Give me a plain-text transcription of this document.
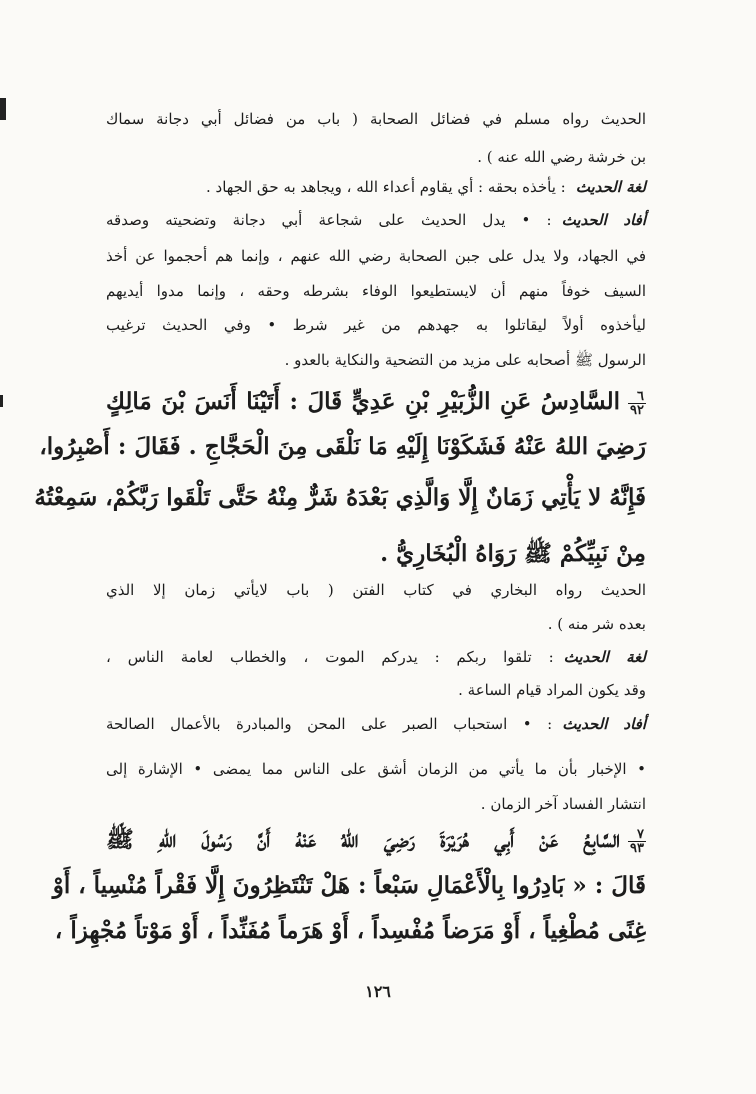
الحديث رواه مسلم في فضائل الصحابة ( باب من فضائل أبي دجانة سماك
بن خرشة رضي الله عنه ) .
لغة الحديث: يأخذه بحقه : أي يقاوم أعداء الله ، ويجاهد به حق الجهاد .
أفاد الحديث: • يدل الحديث على شجاعة أبي دجانة وتضحيته وصدقه
في الجهاد، ولا يدل على جبن الصحابة رضي الله عنهم ، وإنما هم أحجموا عن أخذ
السيف خوفاً منهم أن لايستطيعوا الوفاء بشرطه وحقه ، وإنما مدوا أيديهم
ليأخذوه أولاً ليقاتلوا به جهدهم من غير شرط • وفي الحديث ترغيب
الرسول ﷺ أصحابه على مزيد من التضحية والنكاية بالعدو .
$\frac{٦}{٩٢}$
السَّادِسُ عَنِ الزُّبَيْرِ بْنِ عَدِيٍّ قَالَ : أَتَيْنَا أَنَسَ بْنَ مَالِكٍ
رَضِيَ اللهُ عَنْهُ فَشَكَوْنَا إِلَيْهِ مَا نَلْقَى مِنَ الْحَجَّاجِ . فَقَالَ : أَصْبِرُوا،
فَإِنَّهُ لا يَأْتِي زَمَانٌ إِلَّا وَالَّذِي بَعْدَهُ شَرٌّ مِنْهُ حَتَّى تَلْقَوا رَبَّكُمْ، سَمِعْتُهُ
مِنْ نَبِيِّكُمْ ﷺ رَوَاهُ الْبُخَارِيُّ .
الحديث رواه البخاري في كتاب الفتن ( باب لايأتي زمان إلا الذي
بعده شر منه ) .
لغة الحديث: تلقوا ربكم : يدركم الموت ، والخطاب لعامة الناس ،
وقد يكون المراد قيام الساعة .
أفاد الحديث: • استحباب الصبر على المحن والمبادرة بالأعمال الصالحة
• الإخبار بأن ما يأتي من الزمان أشق على الناس مما يمضى • الإشارة إلى
انتشار الفساد آخر الزمان .
$\frac{٧}{٩٣}$
السَّابِعُ عَنْ أَبِي هُرَيْرَةَ رَضِيَ اللهُ عَنْهُ أَنَّ رَسُولَ اللهِ ﷺ
قَالَ : « بَادِرُوا بِالْأَعْمَالِ سَبْعاً : هَلْ تَنْتَظِرُونَ إِلَّا فَقْراً مُنْسِياً ، أَوْ
غِنًى مُطْغِياً ، أَوْ مَرَضاً مُفْسِداً ، أَوْ هَرَماً مُفَنِّداً ، أَوْ مَوْتاً مُجْهِزاً ،
١٢٦
